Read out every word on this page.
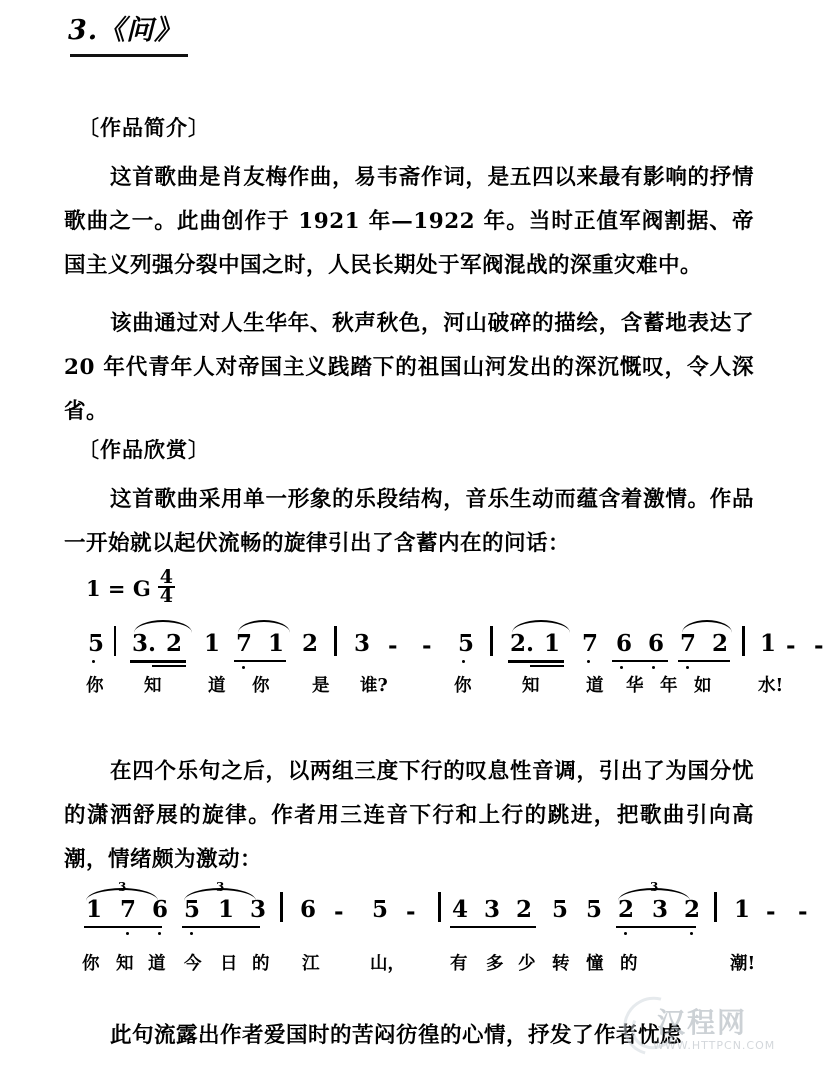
3.《问》
〔作品简介〕
这首歌曲是肖友梅作曲，易韦斋作词，是五四以来最有影响的抒情歌曲之一。此曲创作于 1921 年—1922 年。当时正值军阀割据、帝国主义列强分裂中国之时，人民长期处于军阀混战的深重灾难中。
该曲通过对人生华年、秋声秋色，河山破碎的描绘，含蓄地表达了 20 年代青年人对帝国主义践踏下的祖国山河发出的深沉慨叹，令人深省。
〔作品欣赏〕
这首歌曲采用单一形象的乐段结构，音乐生动而蕴含着激情。作品一开始就以起伏流畅的旋律引出了含蓄内在的问话：
1 = G $\frac{4}{4}$
5 3. 2 1 7 1 2 3 - - 5 2. 1 7 6 6 7 2 1 - -
你 知	道 你 是 谁?	你	知	道 华 年 如	水!
在四个乐句之后，以两组三度下行的叹息性音调，引出了为国分忧的潇洒舒展的旋律。作者用三连音下行和上行的跳进，把歌曲引向高潮，情绪颇为激动：
3
1 7 6
3
5 1 3 6 - 5 - 4 3 2 5 5
3
2 3 2 1 - -
你 知 道 今 日 的 江	山，	有 多 少 转 憧 的	潮!
此句流露出作者爱国时的苦闷彷徨的心情，抒发了作者忧虑
汉程网
WWW.HTTPCN.COM
